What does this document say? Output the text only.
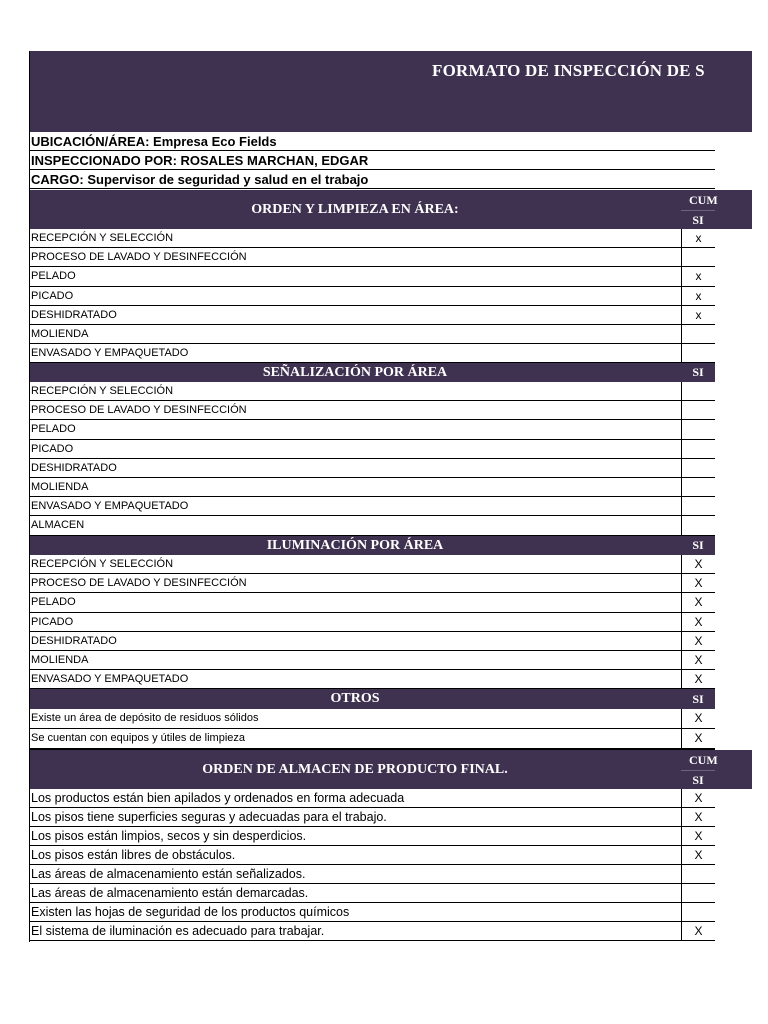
FORMATO DE INSPECCIÓN DE S
UBICACIÓN/ÁREA: Empresa Eco Fields
INSPECCIONADO POR: ROSALES MARCHAN, EDGAR
CARGO: Supervisor de seguridad y salud en el trabajo
ORDEN Y LIMPIEZA EN ÁREA:
CUM
SI
RECEPCIÓN Y SELECCIÓN	x
PROCESO DE LAVADO Y DESINFECCIÓN
PELADO	x
PICADO	x
DESHIDRATADO	x
MOLIENDA
ENVASADO Y EMPAQUETADO
SEÑALIZACIÓN POR ÁREA	SI
RECEPCIÓN Y SELECCIÓN
PROCESO DE LAVADO Y DESINFECCIÓN
PELADO
PICADO
DESHIDRATADO
MOLIENDA
ENVASADO Y EMPAQUETADO
ALMACEN
ILUMINACIÓN POR ÁREA	SI
RECEPCIÓN Y SELECCIÓN	X
PROCESO DE LAVADO Y DESINFECCIÓN	X
PELADO	X
PICADO	X
DESHIDRATADO	X
MOLIENDA	X
ENVASADO Y EMPAQUETADO	X
OTROS	SI
Existe un área de depósito de residuos sólidos	X
Se cuentan con equipos y útiles de limpieza	X
ORDEN DE ALMACEN DE PRODUCTO FINAL.
CUM
SI
Los productos están bien apilados y ordenados en forma adecuada	X
Los pisos tiene superficies seguras y adecuadas para el trabajo.	X
Los pisos están limpios, secos y sin desperdicios.	X
Los pisos están libres de obstáculos.	X
Las áreas de almacenamiento están señalizados.
Las áreas de almacenamiento están demarcadas.
Existen las hojas de seguridad de los productos químicos
El sistema de iluminación es adecuado para trabajar.	X
